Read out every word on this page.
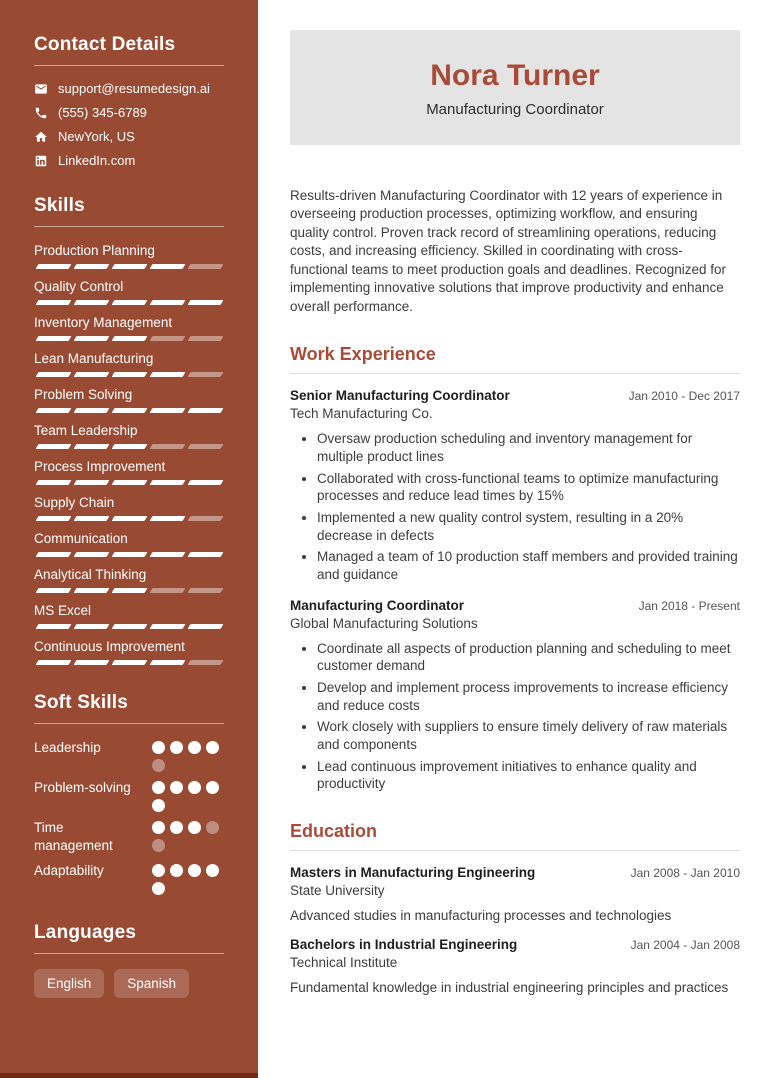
Contact Details
support@resumedesign.ai
(555) 345-6789
NewYork, US
LinkedIn.com
Skills
Production Planning
Quality Control
Inventory Management
Lean Manufacturing
Problem Solving
Team Leadership
Process Improvement
Supply Chain
Communication
Analytical Thinking
MS Excel
Continuous Improvement
Soft Skills
Leadership
Problem-solving
Time management
Adaptability
Languages
English	Spanish
Nora Turner
Manufacturing Coordinator

Results-driven Manufacturing Coordinator with 12 years of experience in overseeing production processes, optimizing workflow, and ensuring quality control. Proven track record of streamlining operations, reducing costs, and increasing efficiency. Skilled in coordinating with cross-functional teams to meet production goals and deadlines. Recognized for implementing innovative solutions that improve productivity and enhance overall performance.

Work Experience
Senior Manufacturing Coordinator	Jan 2010 - Dec 2017
Tech Manufacturing Co.
• Oversaw production scheduling and inventory management for multiple product lines
• Collaborated with cross-functional teams to optimize manufacturing processes and reduce lead times by 15%
• Implemented a new quality control system, resulting in a 20% decrease in defects
• Managed a team of 10 production staff members and provided training and guidance
Manufacturing Coordinator	Jan 2018 - Present
Global Manufacturing Solutions
• Coordinate all aspects of production planning and scheduling to meet customer demand
• Develop and implement process improvements to increase efficiency and reduce costs
• Work closely with suppliers to ensure timely delivery of raw materials and components
• Lead continuous improvement initiatives to enhance quality and productivity
Education
Masters in Manufacturing Engineering	Jan 2008 - Jan 2010
State University
Advanced studies in manufacturing processes and technologies
Bachelors in Industrial Engineering	Jan 2004 - Jan 2008
Technical Institute
Fundamental knowledge in industrial engineering principles and practices
